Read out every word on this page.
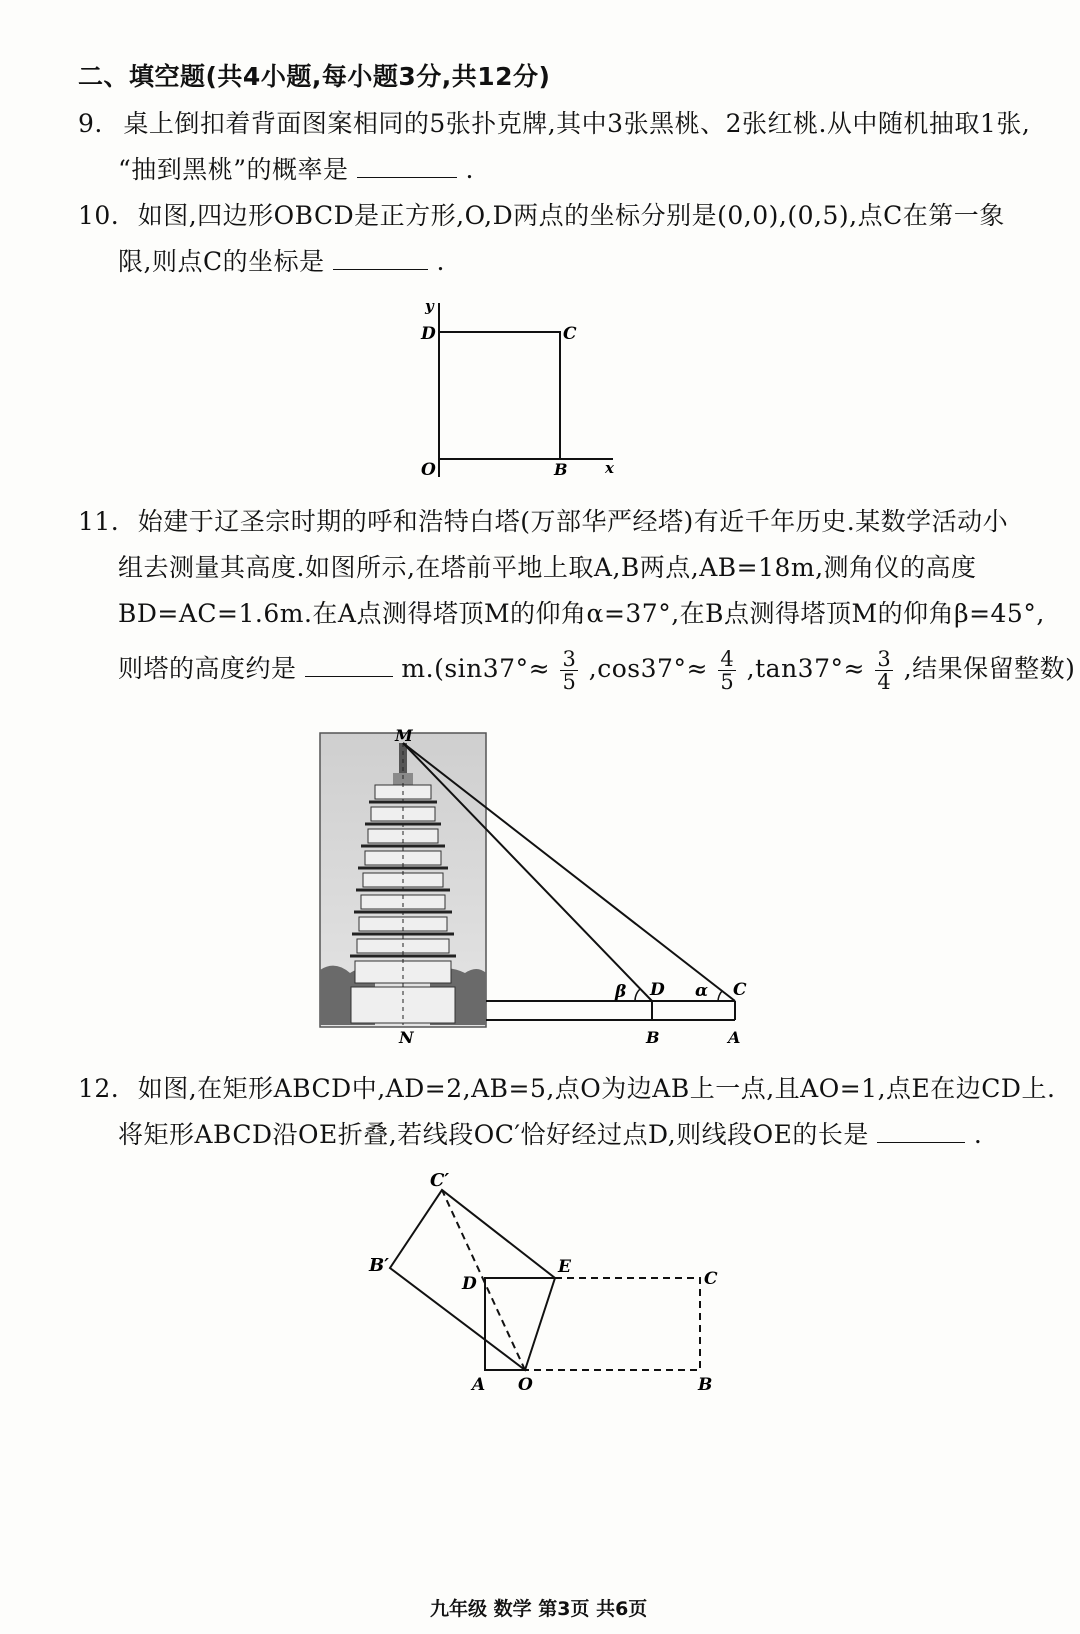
二、填空题(共4小题,每小题3分,共12分)
9. 桌上倒扣着背面图案相同的5张扑克牌,其中3张黑桃、2张红桃.从中随机抽取1张,
“抽到黑桃”的概率是	.
10. 如图,四边形OBCD是正方形,O,D两点的坐标分别是(0,0),(0,5),点C在第一象
限,则点C的坐标是	.
y
D	C
O	B x
11. 始建于辽圣宗时期的呼和浩特白塔(万部华严经塔)有近千年历史.某数学活动小
组去测量其高度.如图所示,在塔前平地上取A,B两点,AB=18m,测角仪的高度
BD=AC=1.6m.在A点测得塔顶M的仰角α=37°,在B点测得塔顶M的仰角β=45°,
则塔的高度约是	$m.(\sin 37^\circ\approx \frac{3}{5} ,\cos 37^\circ\approx \frac{4}{5} ,\tan 37^\circ\approx \frac{3}{4}$ ,结果保留整数)
M
β D α C
N	B	A
12. 如图,在矩形ABCD中,AD=2,AB=5,点O为边AB上一点,且AO=1,点E在边CD上.
将矩形ABCD沿OE折叠,若线段OC′恰好经过点D,则线段OE的长是	.
C′
B′
D
E
C
A O	B
九年级 数学 第3页 共6页
